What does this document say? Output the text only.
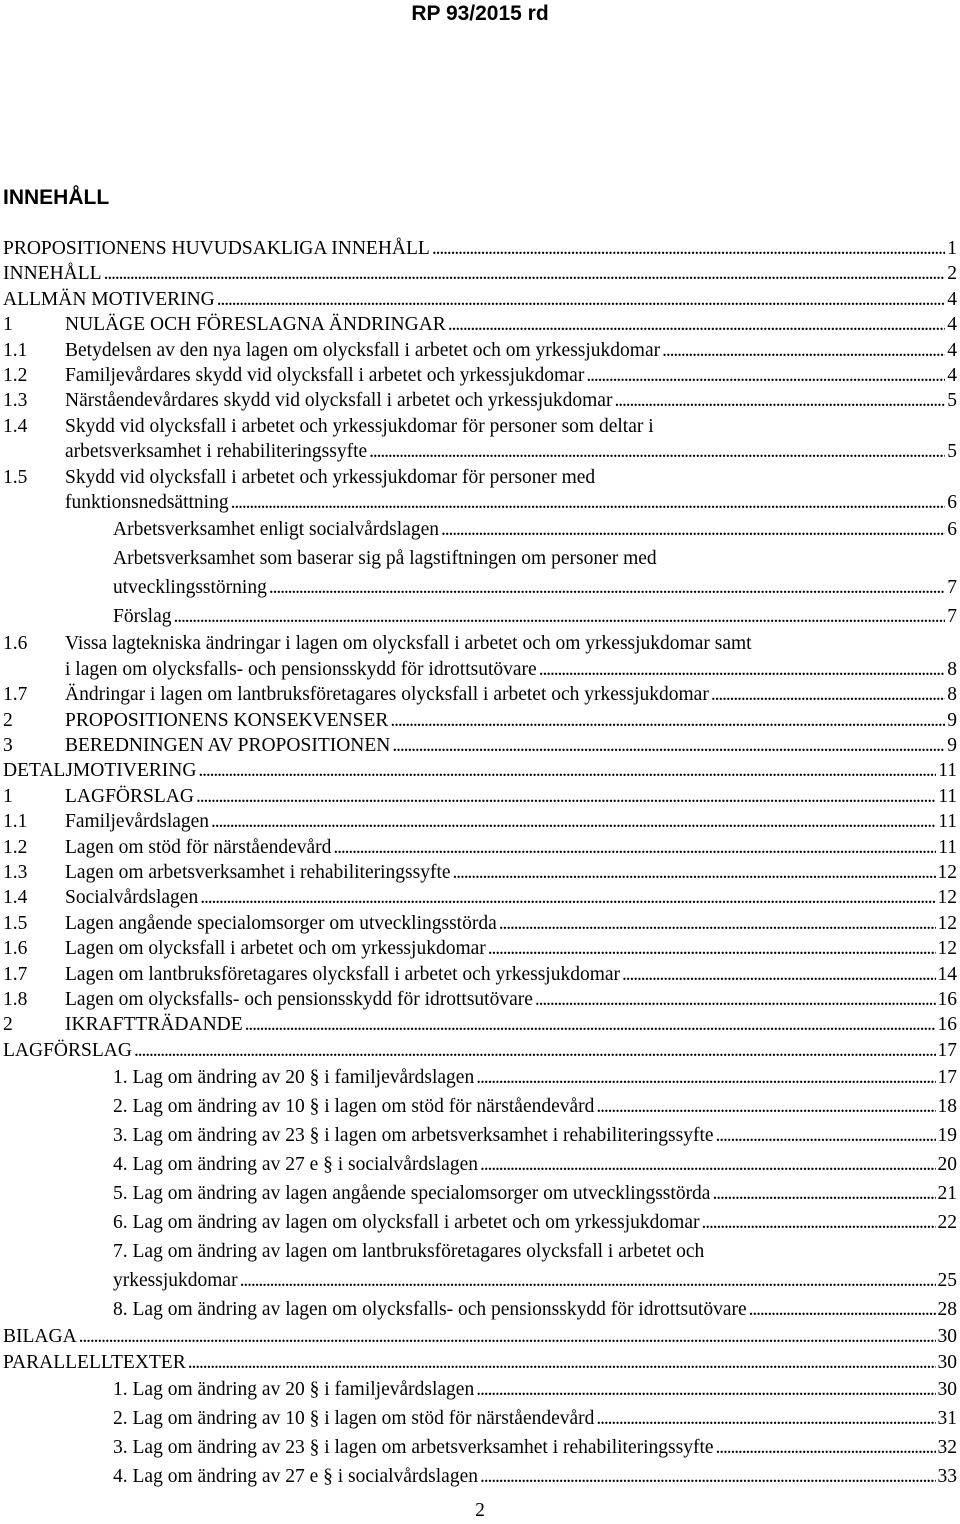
RP 93/2015 rd
INNEHÅLL
PROPOSITIONENS HUVUDSAKLIGA INNEHÅLL . . .	1
INNEHÅLL . . .	2
ALLMÄN MOTIVERING . . .	4
1	NULÄGE OCH FÖRESLAGNA ÄNDRINGAR . . .	4
1.1 Betydelsen av den nya lagen om olycksfall i arbetet och om yrkessjukdomar . . .	4
1.2 Familjevårdares skydd vid olycksfall i arbetet och yrkessjukdomar . . .	4
1.3 Närståendevårdares skydd vid olycksfall i arbetet och yrkessjukdomar . . .	5
1.4 Skydd vid olycksfall i arbetet och yrkessjukdomar för personer som deltar i
arbetsverksamhet i rehabiliteringssyfte . . .	5
1.5 Skydd vid olycksfall i arbetet och yrkessjukdomar för personer med
funktionsnedsättning . . .	6
Arbetsverksamhet enligt socialvårdslagen . . .	6
Arbetsverksamhet som baserar sig på lagstiftningen om personer med
utvecklingsstörning . . .	7
Förslag . . .	7
1.6 Vissa lagtekniska ändringar i lagen om olycksfall i arbetet och om yrkessjukdomar samt
i lagen om olycksfalls- och pensionsskydd för idrottsutövare . . .	8
1.7 Ändringar i lagen om lantbruksföretagares olycksfall i arbetet och yrkessjukdomar . . .	8
2	PROPOSITIONENS KONSEKVENSER . . .	9
3	BEREDNINGEN AV PROPOSITIONEN . . .	9
DETALJMOTIVERING . . .	11
1	LAGFÖRSLAG . . .	11
1.1 Familjevårdslagen . . .	11
1.2 Lagen om stöd för närståendevård . . .	11
1.3 Lagen om arbetsverksamhet i rehabiliteringssyfte . . .	12
1.4 Socialvårdslagen . . .	12
1.5 Lagen angående specialomsorger om utvecklingsstörda . . .	12
1.6 Lagen om olycksfall i arbetet och om yrkessjukdomar . . .	12
1.7 Lagen om lantbruksföretagares olycksfall i arbetet och yrkessjukdomar . . .	14
1.8 Lagen om olycksfalls- och pensionsskydd för idrottsutövare . . .	16
2	IKRAFTTRÄDANDE . . .	16
LAGFÖRSLAG . . .	17
1. Lag om ändring av 20 § i familjevårdslagen . . .	17
2. Lag om ändring av 10 § i lagen om stöd för närståendevård . . .	18
3. Lag om ändring av 23 § i lagen om arbetsverksamhet i rehabiliteringssyfte . . .	19
4. Lag om ändring av 27 e § i socialvårdslagen . . .	20
5. Lag om ändring av lagen angående specialomsorger om utvecklingsstörda . . .	21
6. Lag om ändring av lagen om olycksfall i arbetet och om yrkessjukdomar . . .	22
7. Lag om ändring av lagen om lantbruksföretagares olycksfall i arbetet och
yrkessjukdomar . . .	25
8. Lag om ändring av lagen om olycksfalls- och pensionsskydd för idrottsutövare . . .	28
BILAGA . . .	30
PARALLELLTEXTER . . .	30
1. Lag om ändring av 20 § i familjevårdslagen . . .	30
2. Lag om ändring av 10 § i lagen om stöd för närståendevård . . .	31
3. Lag om ändring av 23 § i lagen om arbetsverksamhet i rehabiliteringssyfte . . .	32
4. Lag om ändring av 27 e § i socialvårdslagen . . .	33
2
